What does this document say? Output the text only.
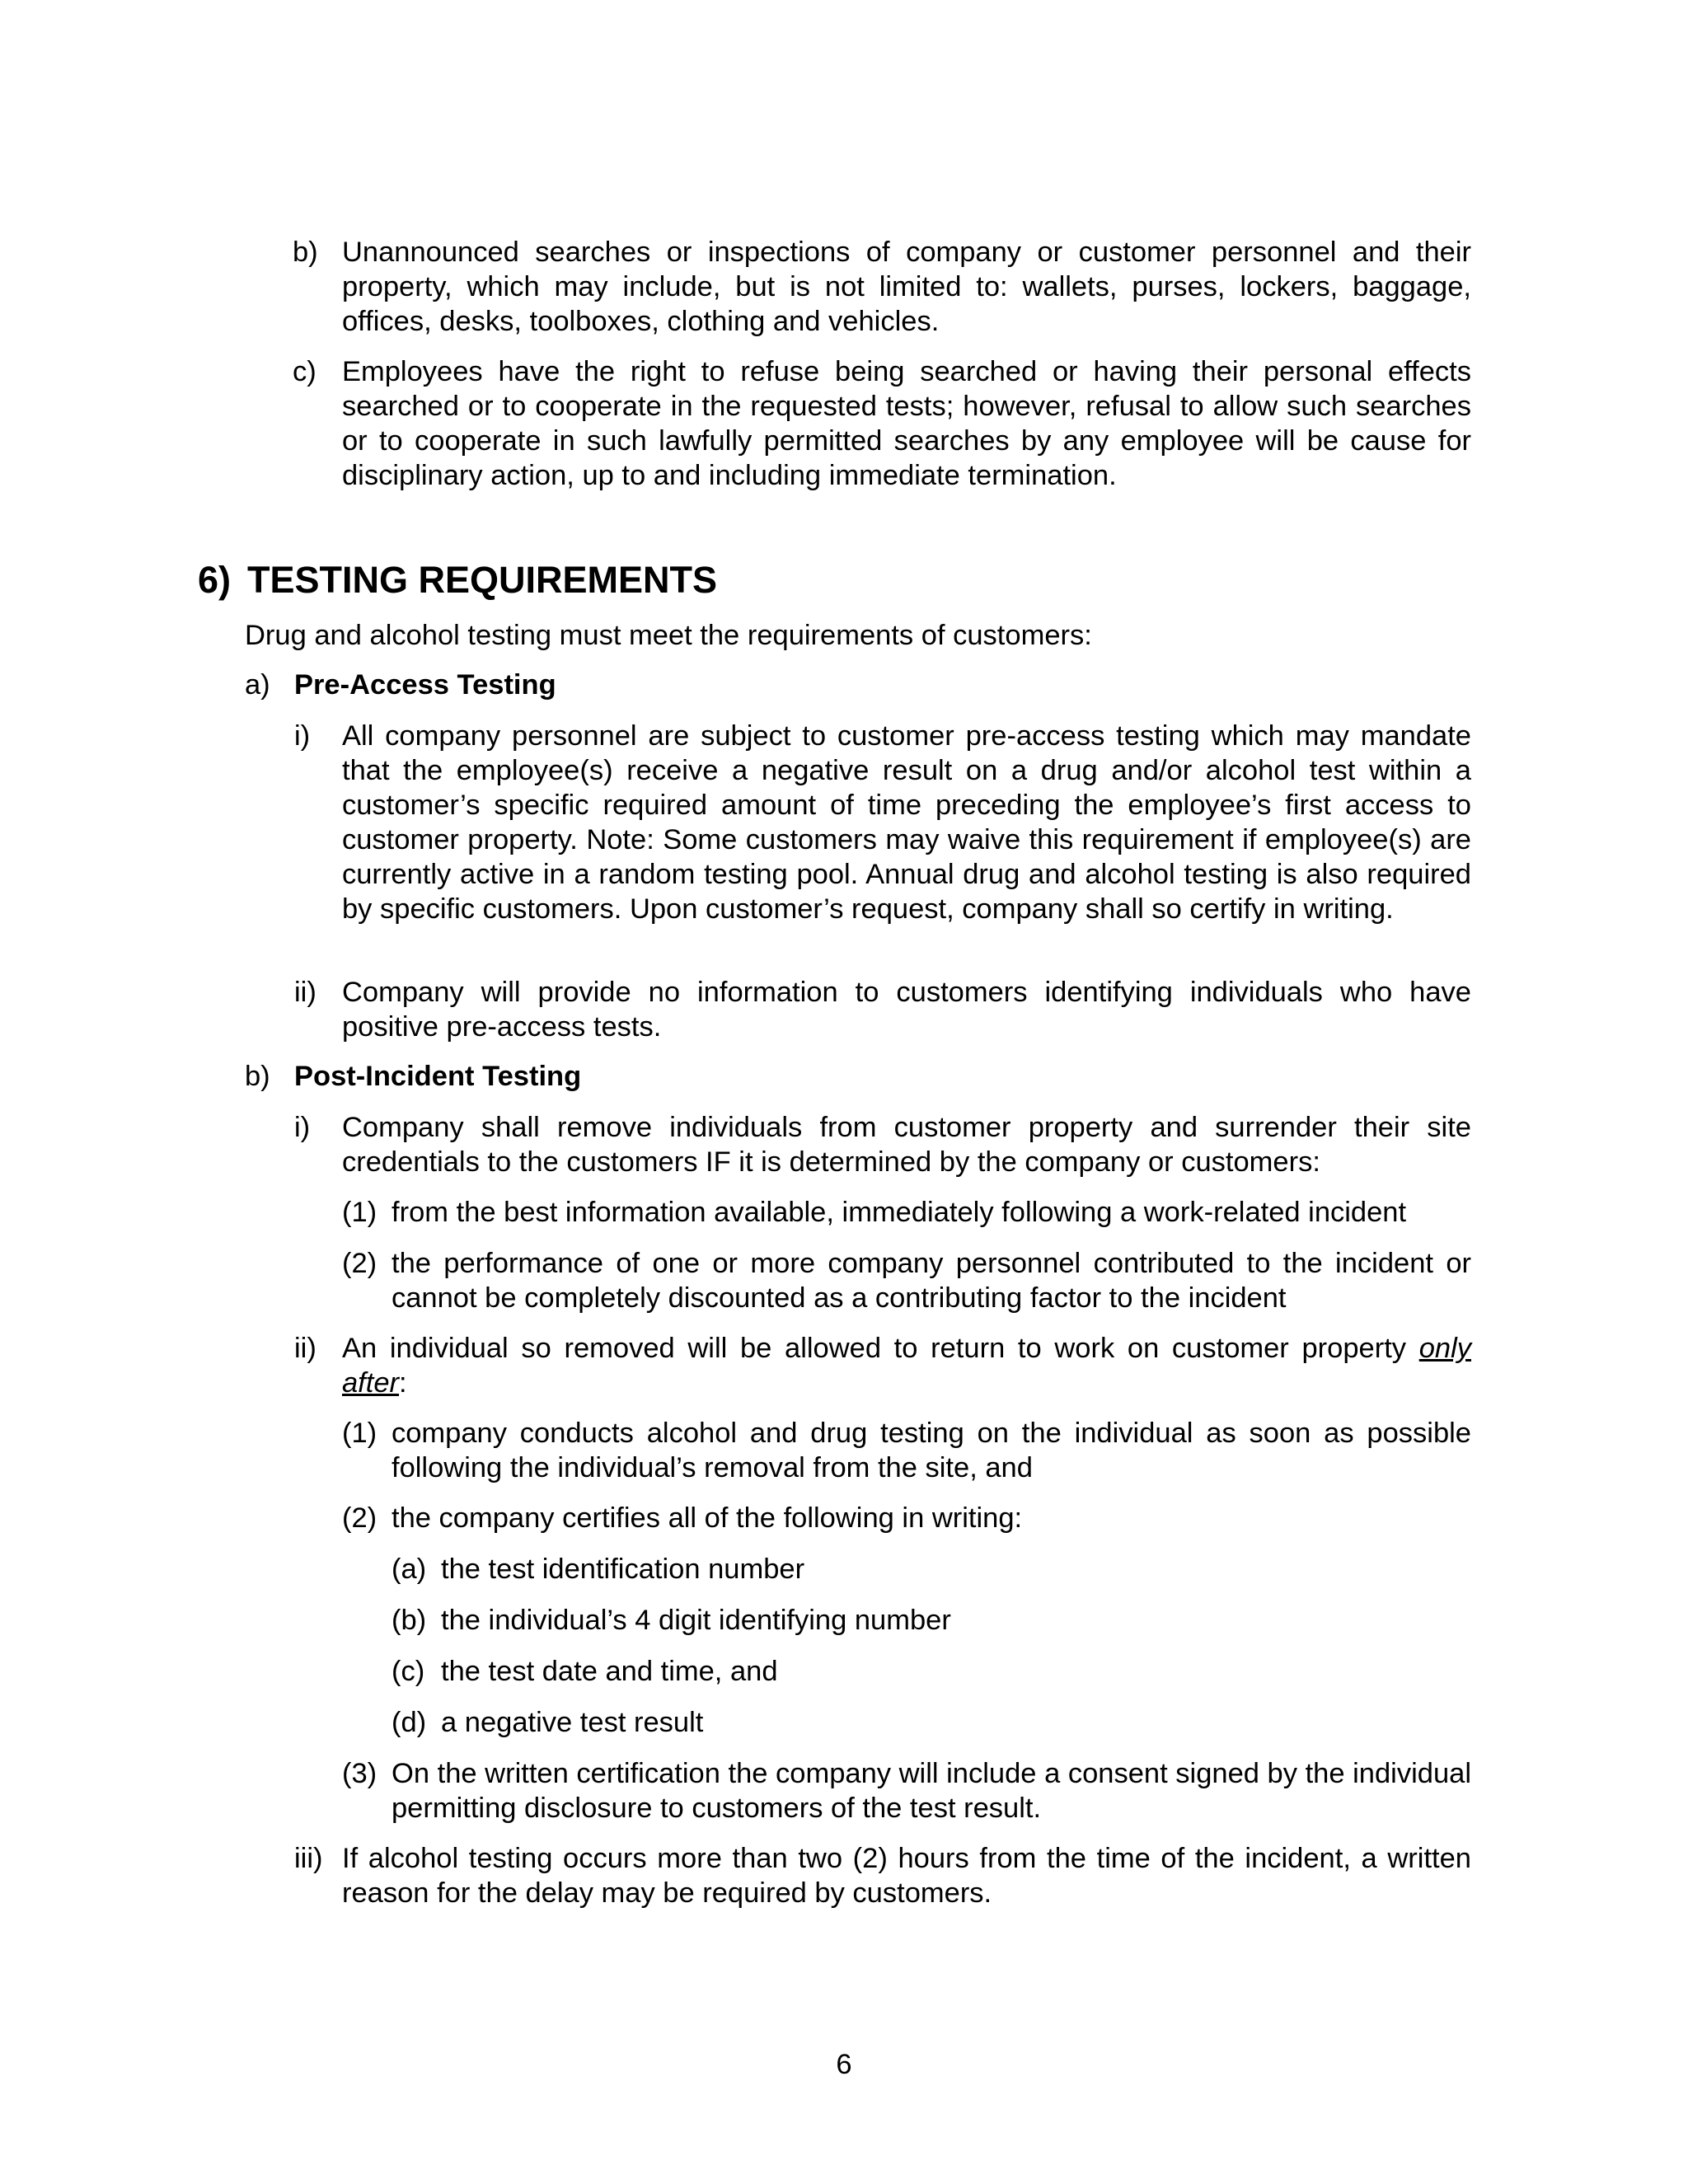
b) Unannounced searches or inspections of company or customer personnel and their property, which may include, but is not limited to: wallets, purses, lockers, baggage, offices, desks, toolboxes, clothing and vehicles.
c) Employees have the right to refuse being searched or having their personal effects searched or to cooperate in the requested tests; however, refusal to allow such searches or to cooperate in such lawfully permitted searches by any employee will be cause for disciplinary action, up to and including immediate termination.
Drug and alcohol testing must meet the requirements of customers:
a) Pre-Access Testing
i) All company personnel are subject to customer pre-access testing which may mandate that the employee(s) receive a negative result on a drug and/or alcohol test within a customer’s specific required amount of time preceding the employee’s first access to customer property. Note: Some customers may waive this requirement if employee(s) are currently active in a random testing pool. Annual drug and alcohol testing is also required by specific customers. Upon customer’s request, company shall so certify in writing.
ii) Company will provide no information to customers identifying individuals who have positive pre-access tests.
b) Post-Incident Testing
i) Company shall remove individuals from customer property and surrender their site credentials to the customers IF it is determined by the company or customers:
(1) from the best information available, immediately following a work-related incident
(2) the performance of one or more company personnel contributed to the incident or cannot be completely discounted as a contributing factor to the incident
ii) An individual so removed will be allowed to return to work on customer property only after:
(1) company conducts alcohol and drug testing on the individual as soon as possible following the individual’s removal from the site, and
(2) the company certifies all of the following in writing:
(a) the test identification number
(b) the individual’s 4 digit identifying number
(c) the test date and time, and
(d) a negative test result
(3) On the written certification the company will include a consent signed by the individual permitting disclosure to customers of the test result.
iii) If alcohol testing occurs more than two (2) hours from the time of the incident, a written reason for the delay may be required by customers.
6) TESTING REQUIREMENTS
6
